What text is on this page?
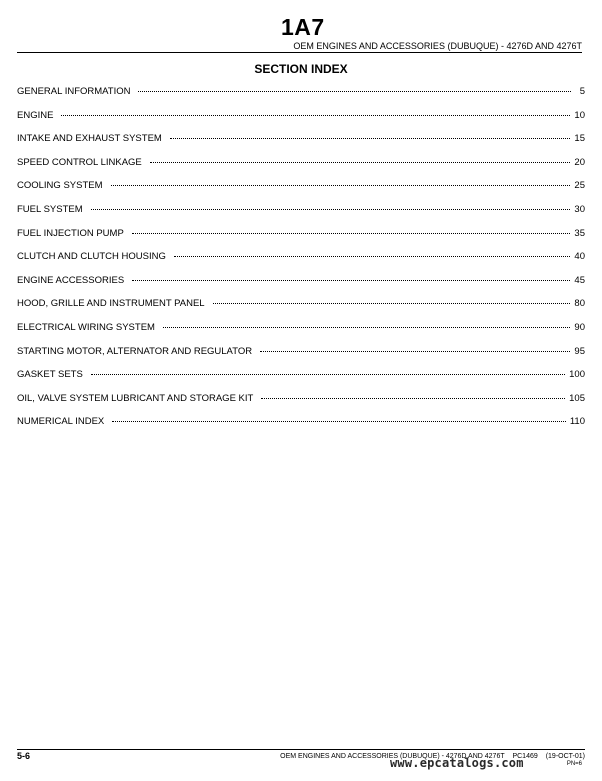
1A7
OEM ENGINES AND ACCESSORIES (DUBUQUE) - 4276D AND 4276T
SECTION INDEX
GENERAL INFORMATION	5
ENGINE	10
INTAKE AND EXHAUST SYSTEM	15
SPEED CONTROL LINKAGE	20
COOLING SYSTEM	25
FUEL SYSTEM	30
FUEL INJECTION PUMP	35
CLUTCH AND CLUTCH HOUSING	40
ENGINE ACCESSORIES	45
HOOD, GRILLE AND INSTRUMENT PANEL	80
ELECTRICAL WIRING SYSTEM	90
STARTING MOTOR, ALTERNATOR AND REGULATOR	95
GASKET SETS	100
OIL, VALVE SYSTEM LUBRICANT AND STORAGE KIT	105
NUMERICAL INDEX	110
5-6	OEM ENGINES AND ACCESSORIES (DUBUQUE) - 4276D AND 4276T PC1469 (19-OCT-01)
PN=6
www.epcatalogs.com
